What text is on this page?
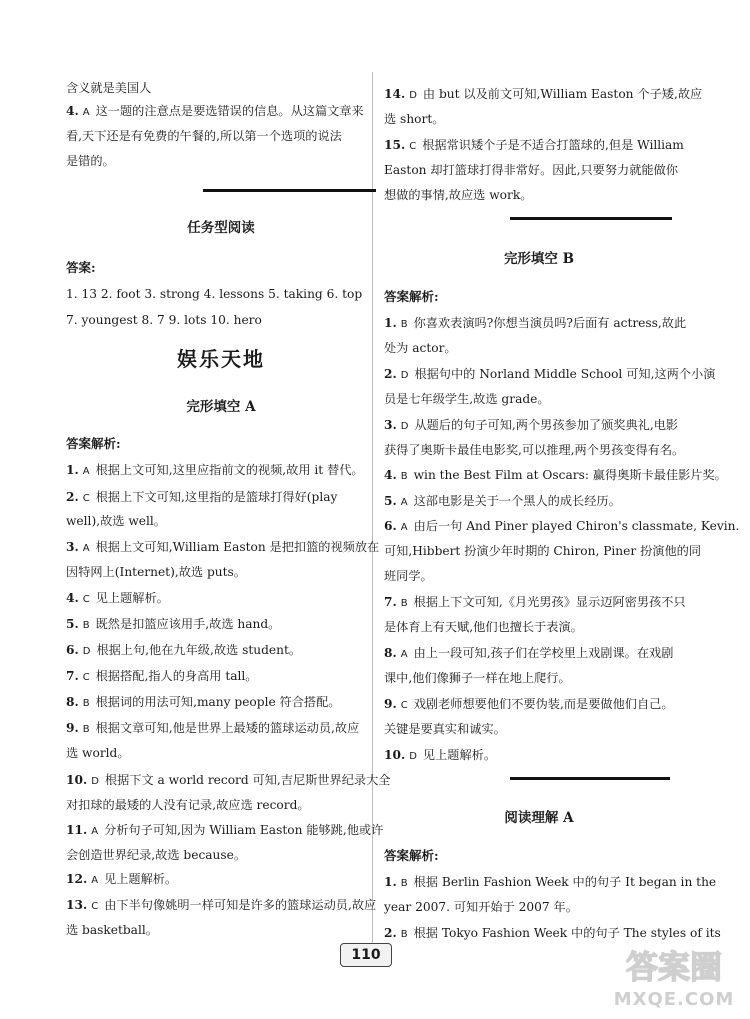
含义就是美国人
4. A 这一题的注意点是要选错误的信息。从这篇文章来
看,天下还是有免费的午餐的,所以第一个选项的说法
是错的。
任务型阅读
答案:
1. 13 2. foot 3. strong 4. lessons 5. taking 6. top
7. youngest 8. 7 9. lots 10. hero
娱乐天地
完形填空 A
答案解析:
1. A 根据上文可知,这里应指前文的视频,故用 it 替代。
2. C 根据上下文可知,这里指的是篮球打得好(play
well),故选 well。
3. A 根据上文可知,William Easton 是把扣篮的视频放在
因特网上(Internet),故选 puts。
4. C 见上题解析。
5. B 既然是扣篮应该用手,故选 hand。
6. D 根据上句,他在九年级,故选 student。
7. C 根据搭配,指人的身高用 tall。
8. B 根据词的用法可知,many people 符合搭配。
9. B 根据文章可知,他是世界上最矮的篮球运动员,故应
选 world。
10. D 根据下文 a world record 可知,吉尼斯世界纪录大全
对扣球的最矮的人没有记录,故应选 record。
11. A 分析句子可知,因为 William Easton 能够跳,他或许
会创造世界纪录,故选 because。
12. A 见上题解析。
13. C 由下半句像姚明一样可知是许多的篮球运动员,故应
选 basketball。
14. D 由 but 以及前文可知,William Easton 个子矮,故应
选 short。
15. C 根据常识矮个子是不适合打篮球的,但是 William
Easton 却打篮球打得非常好。因此,只要努力就能做你
想做的事情,故应选 work。
完形填空 B
答案解析:
1. B 你喜欢表演吗?你想当演员吗?后面有 actress,故此
处为 actor。
2. D 根据句中的 Norland Middle School 可知,这两个小演
员是七年级学生,故选 grade。
3. D 从题后的句子可知,两个男孩参加了颁奖典礼,电影
获得了奥斯卡最佳电影奖,可以推理,两个男孩变得有名。
4. B win the Best Film at Oscars: 赢得奥斯卡最佳影片奖。
5. A 这部电影是关于一个黑人的成长经历。
6. A 由后一句 And Piner played Chiron's classmate, Kevin.
可知,Hibbert 扮演少年时期的 Chiron, Piner 扮演他的同
班同学。
7. B 根据上下文可知,《月光男孩》显示迈阿密男孩不只
是体育上有天赋,他们也擅长于表演。
8. A 由上一段可知,孩子们在学校里上戏剧课。在戏剧
课中,他们像狮子一样在地上爬行。
9. C 戏剧老师想要他们不要伪装,而是要做他们自己。
关键是要真实和诚实。
10. D 见上题解析。
阅读理解 A
答案解析:
1. B 根据 Berlin Fashion Week 中的句子 It began in the
year 2007. 可知开始于 2007 年。
2. B 根据 Tokyo Fashion Week 中的句子 The styles of its
110	答案圈
MXQE.COM
